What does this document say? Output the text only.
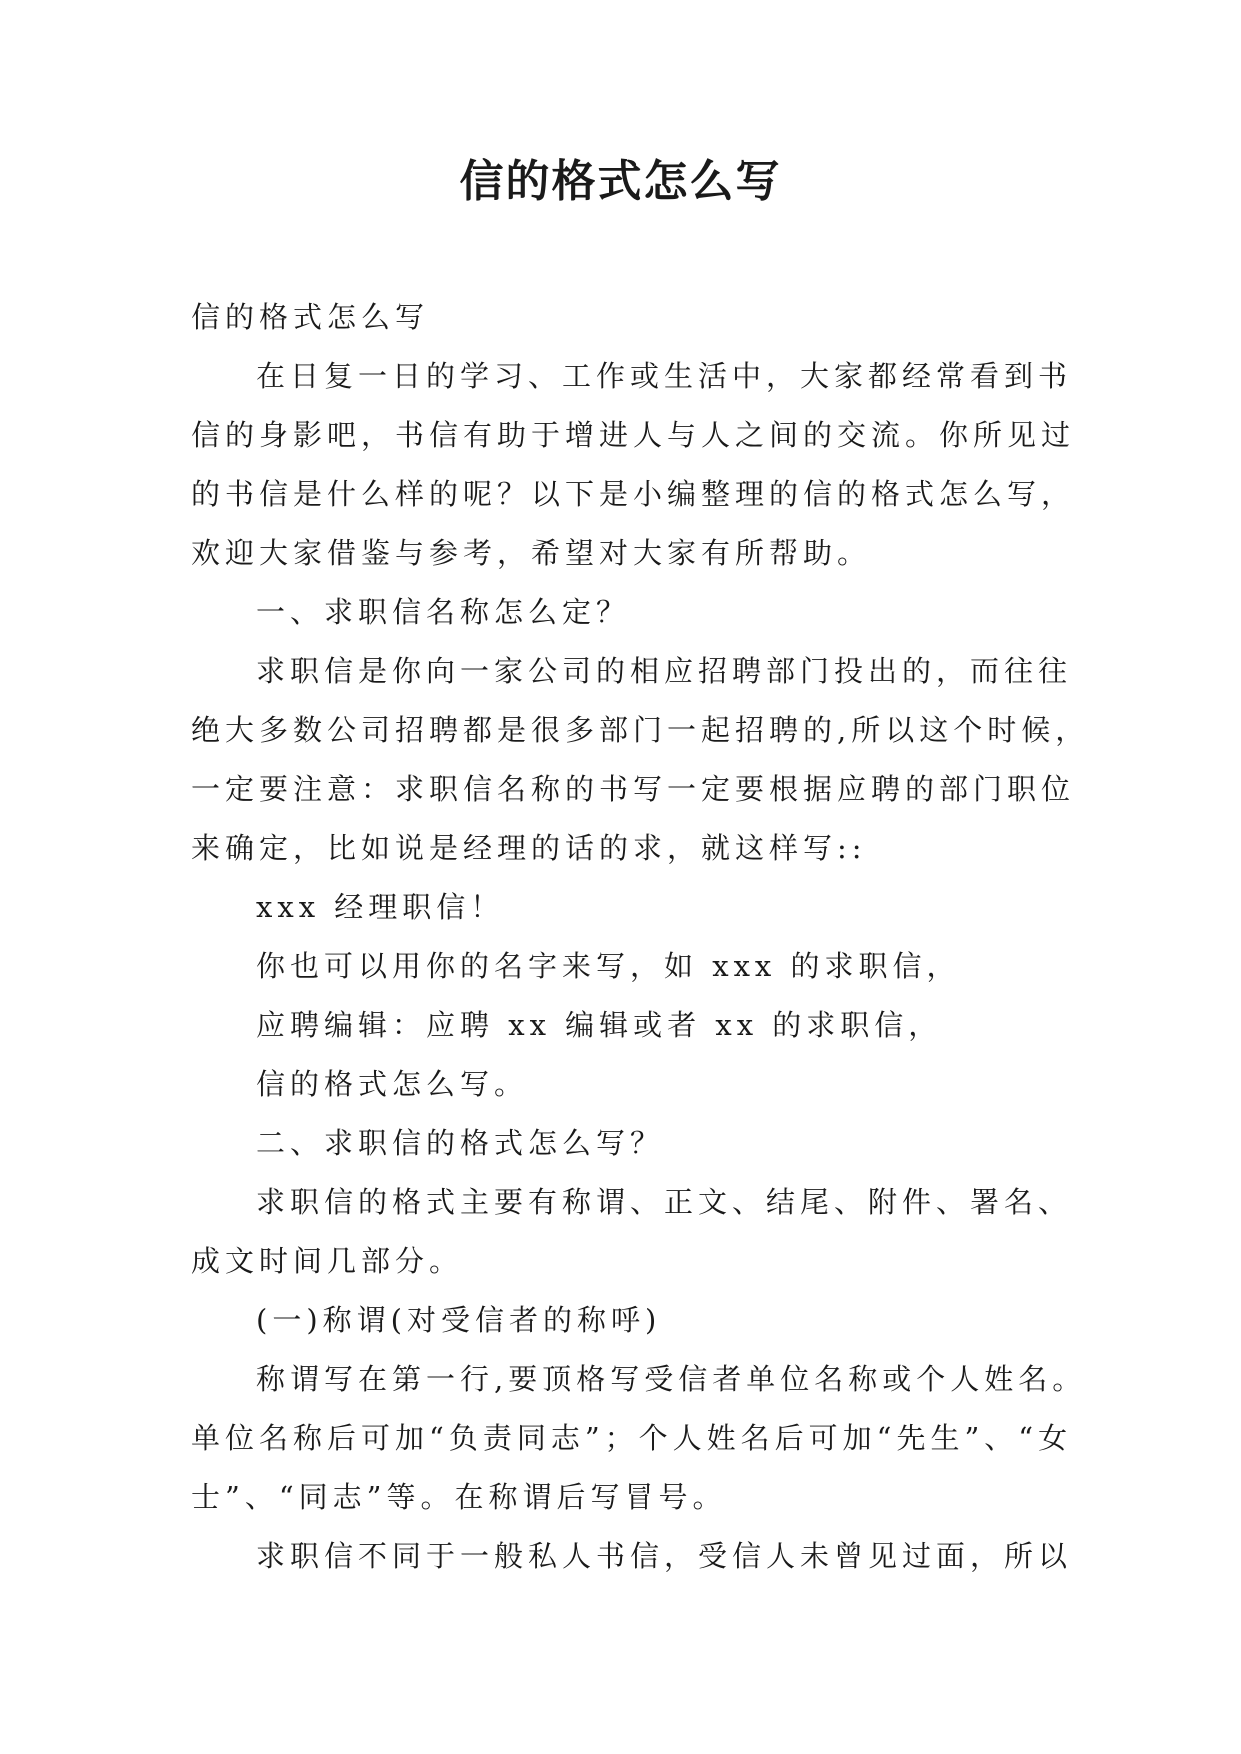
信的格式怎么写
信的格式怎么写
在日复一日的学习、工作或生活中，大家都经常看到书
信的身影吧，书信有助于增进人与人之间的交流。你所见过
的书信是什么样的呢？以下是小编整理的信的格式怎么写，
欢迎大家借鉴与参考，希望对大家有所帮助。
一、求职信名称怎么定？
求职信是你向一家公司的相应招聘部门投出的，而往往
绝大多数公司招聘都是很多部门一起招聘的,所以这个时候，
一定要注意：求职信名称的书写一定要根据应聘的部门职位
来确定，比如说是经理的话的求，就这样写::
xxx 经理职信！
你也可以用你的名字来写，如 xxx 的求职信，
应聘编辑：应聘 xx 编辑或者 xx 的求职信，
信的格式怎么写。
二、求职信的格式怎么写？
求职信的格式主要有称谓、正文、结尾、附件、署名、
成文时间几部分。
(一)称谓(对受信者的称呼)
称谓写在第一行,要顶格写受信者单位名称或个人姓名。
单位名称后可加“负责同志”；个人姓名后可加“先生”、“女
士”、“同志”等。在称谓后写冒号。
求职信不同于一般私人书信，受信人未曾见过面，所以
